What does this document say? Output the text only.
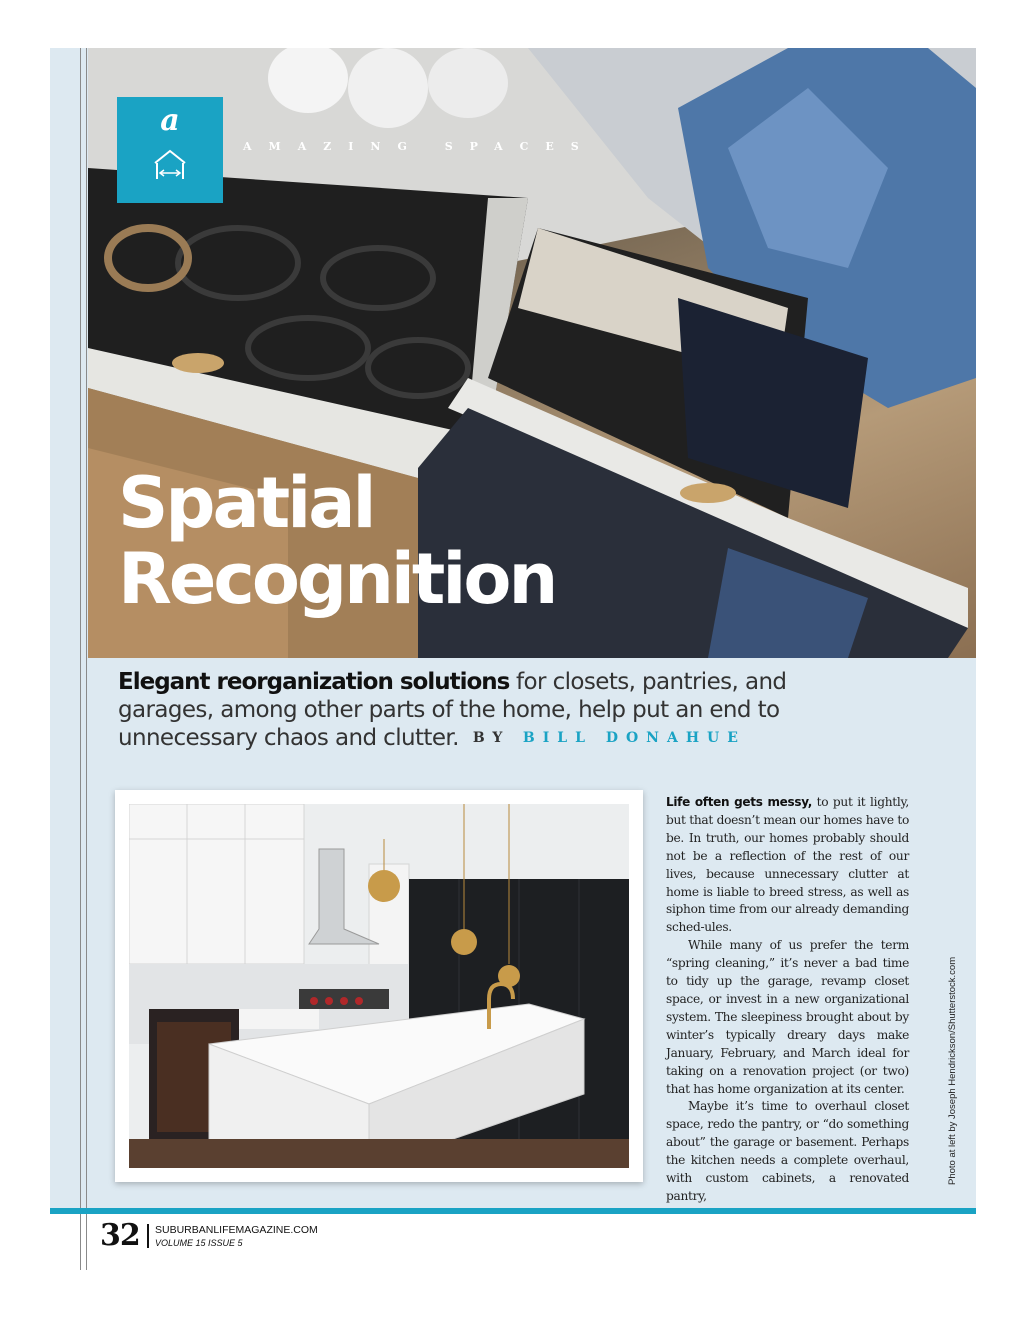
a
AMAZING SPACES
Spatial
Recognition
Elegant reorganization solutions for closets, pantries, and garages, among other parts of the home, help put an end to unnecessary chaos and clutter. BY BILL DONAHUE

Life often gets messy, to put it lightly, but that doesn’t mean our homes have to be. In truth, our homes probably should not be a reflection of the rest of our lives, because unnecessary clutter at home is liable to breed stress, as well as siphon time from our already demanding sched-ules.

While many of us prefer the term “spring cleaning,” it’s never a bad time to tidy up the garage, revamp closet space, or invest in a new organizational system. The sleepiness brought about by winter’s typically dreary days make January, February, and March ideal for taking on a renovation project (or two) that has home organization at its center.

Maybe it’s time to overhaul closet space, redo the pantry, or “do something about” the garage or basement. Perhaps the kitchen needs a complete overhaul, with custom cabinets, a renovated pantry,

Photo at left by Joseph Hendrickson/Shutterstock.com
32 SUBURBANLIFEMAGAZINE.COM
VOLUME 15 ISSUE 5
